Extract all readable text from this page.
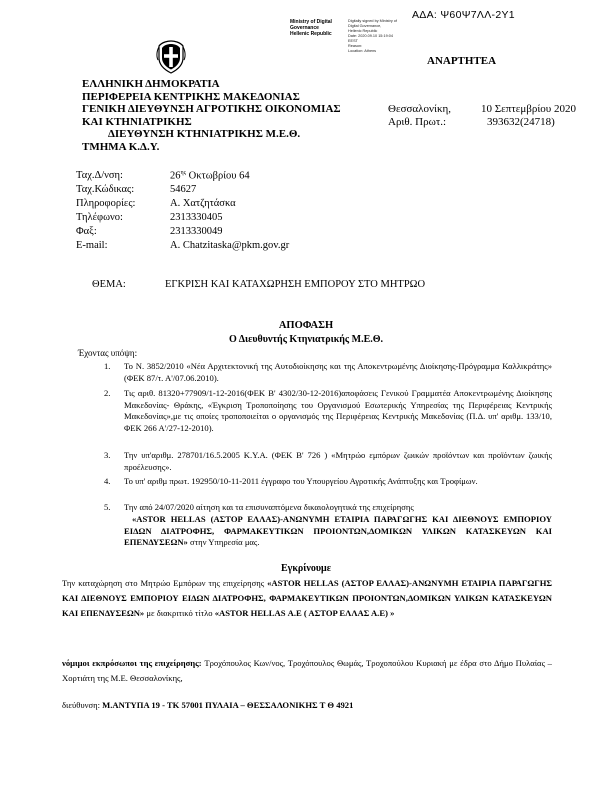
ΑΔΑ: Ψ60Ψ7ΛΛ-2Υ1
Ministry of Digital
Governance
Hellenic Republic
Digitally signed by Ministry of
Digital Governance,
Hellenic Republic
Date: 2020.09.10 15:19:04
EEST
Reason:
Location: Athens
ΑΝΑΡΤΗΤΕΑ
ΕΛΛΗΝΙΚΗ ΔΗΜΟΚΡΑΤΙΑ
ΠΕΡΙΦΕΡΕΙΑ ΚΕΝΤΡΙΚΗΣ ΜΑΚΕΔΟΝΙΑΣ
ΓΕΝΙΚΗ ΔΙΕΥΘΥΝΣΗ ΑΓΡΟΤΙΚΗΣ ΟΙΚΟΝΟΜΙΑΣ
ΚΑΙ ΚΤΗΝΙΑΤΡΙΚΗΣ
ΔΙΕΥΘΥΝΣΗ ΚΤΗΝΙΑΤΡΙΚΗΣ Μ.Ε.Θ.
ΤΜΗΜΑ Κ.Δ.Υ.
Θεσσαλονίκη,	10 Σεπτεμβρίου 2020
Αριθ. Πρωτ.:	393632(24718)
Ταχ.Δ/νση:	$26^{\eta\varsigma}$ Οκτωβρίου 64
Ταχ.Κώδικας:	54627
Πληροφορίες:	Α. Χατζητάσκα
Τηλέφωνο:	2313330405
Φαξ:	2313330049
E-mail:	A. Chatzitaska@pkm.gov.gr
ΘΕΜΑ:	ΕΓΚΡΙΣΗ ΚΑΙ ΚΑΤΑΧΩΡΗΣΗ ΕΜΠΟΡΟΥ ΣΤΟ ΜΗΤΡΩΟ
ΑΠΟΦΑΣΗ
Ο Διευθυντής Κτηνιατρικής Μ.Ε.Θ.
Έχοντας υπόψη:
1. Το Ν. 3852/2010 «Νέα Αρχιτεκτονική της Αυτοδιοίκησης και της Αποκεντρωμένης Διοίκησης-Πρόγραμμα Καλλικράτης» (ΦΕΚ 87/τ. Α'/07.06.2010).
2. Τις αριθ. 81320+77909/1-12-2016(ΦΕΚ Β' 4302/30-12-2016)αποφάσεις Γενικού Γραμματέα Αποκεντρωμένης Διοίκησης Μακεδονίας- Θράκης, «Έγκριση Τροποποίησης του Οργανισμού Εσωτερικής Υπηρεσίας της Περιφέρειας Κεντρικής Μακεδονίας»,με τις οποίες τροποποιείται ο οργανισμός της Περιφέρειας Κεντρικής Μακεδονίας (Π.Δ. υπ' αριθμ. 133/10, ΦΕΚ 266 Α'/27-12-2010).
3. Την υπ'αριθμ. 278701/16.5.2005 Κ.Υ.Α. (ΦΕΚ Β' 726 ) «Μητρώο εμπόρων ζωικών προϊόντων και προϊόντων ζωικής προέλευσης».
4. Το υπ' αριθμ πρωτ. 192950/10-11-2011 έγγραφο του Υπουργείου Αγροτικής Ανάπτυξης και Τροφίμων.
5. Την από 24/07/2020 αίτηση και τα επισυναπτόμενα δικαιολογητικά της επιχείρησης
«ASTOR HELLAS (ΑΣΤΟΡ ΕΛΛΑΣ)-ΑΝΩΝΥΜΗ ΕΤΑΙΡΙΑ ΠΑΡΑΓΩΓΗΣ ΚΑΙ ΔΙΕΘΝΟΥΣ ΕΜΠΟΡΙΟΥ ΕΙΔΩΝ ΔΙΑΤΡΟΦΗΣ, ΦΑΡΜΑΚΕΥΤΙΚΩΝ ΠΡΟΙΟΝΤΩΝ,ΔΟΜΙΚΩΝ ΥΛΙΚΩΝ ΚΑΤΑΣΚΕΥΩΝ ΚΑΙ ΕΠΕΝΔΥΣΕΩΝ» στην Υπηρεσία μας.
Εγκρίνουμε
Την καταχώρηση στο Μητρώο Εμπόρων της επιχείρησης «ASTOR HELLAS (ΑΣΤΟΡ ΕΛΛΑΣ)-ΑΝΩΝΥΜΗ ΕΤΑΙΡΙΑ ΠΑΡΑΓΩΓΗΣ ΚΑΙ ΔΙΕΘΝΟΥΣ ΕΜΠΟΡΙΟΥ ΕΙΔΩΝ ΔΙΑΤΡΟΦΗΣ, ΦΑΡΜΑΚΕΥΤΙΚΩΝ ΠΡΟΙΟΝΤΩΝ,ΔΟΜΙΚΩΝ ΥΛΙΚΩΝ ΚΑΤΑΣΚΕΥΩΝ ΚΑΙ ΕΠΕΝΔΥΣΕΩΝ» με διακριτικό τίτλο «ASTOR HELLAS Α.Ε ( ΑΣΤΟΡ ΕΛΛΑΣ Α.Ε) »
νόμιμοι εκπρόσωποι της επιχείρησης: Τροχόπουλος Κων/νος, Τροχόπουλος Θωμάς, Τροχοπούλου Κυριακή με έδρα στο Δήμο Πυλαίας – Χορτιάτη της Μ.Ε. Θεσσαλονίκης,
διεύθυνση: Μ.ΑΝΤΥΠΑ 19 - ΤΚ 57001 ΠΥΛΑΙΑ – ΘΕΣΣΑΛΟΝΙΚΗΣ Τ Θ 4921
